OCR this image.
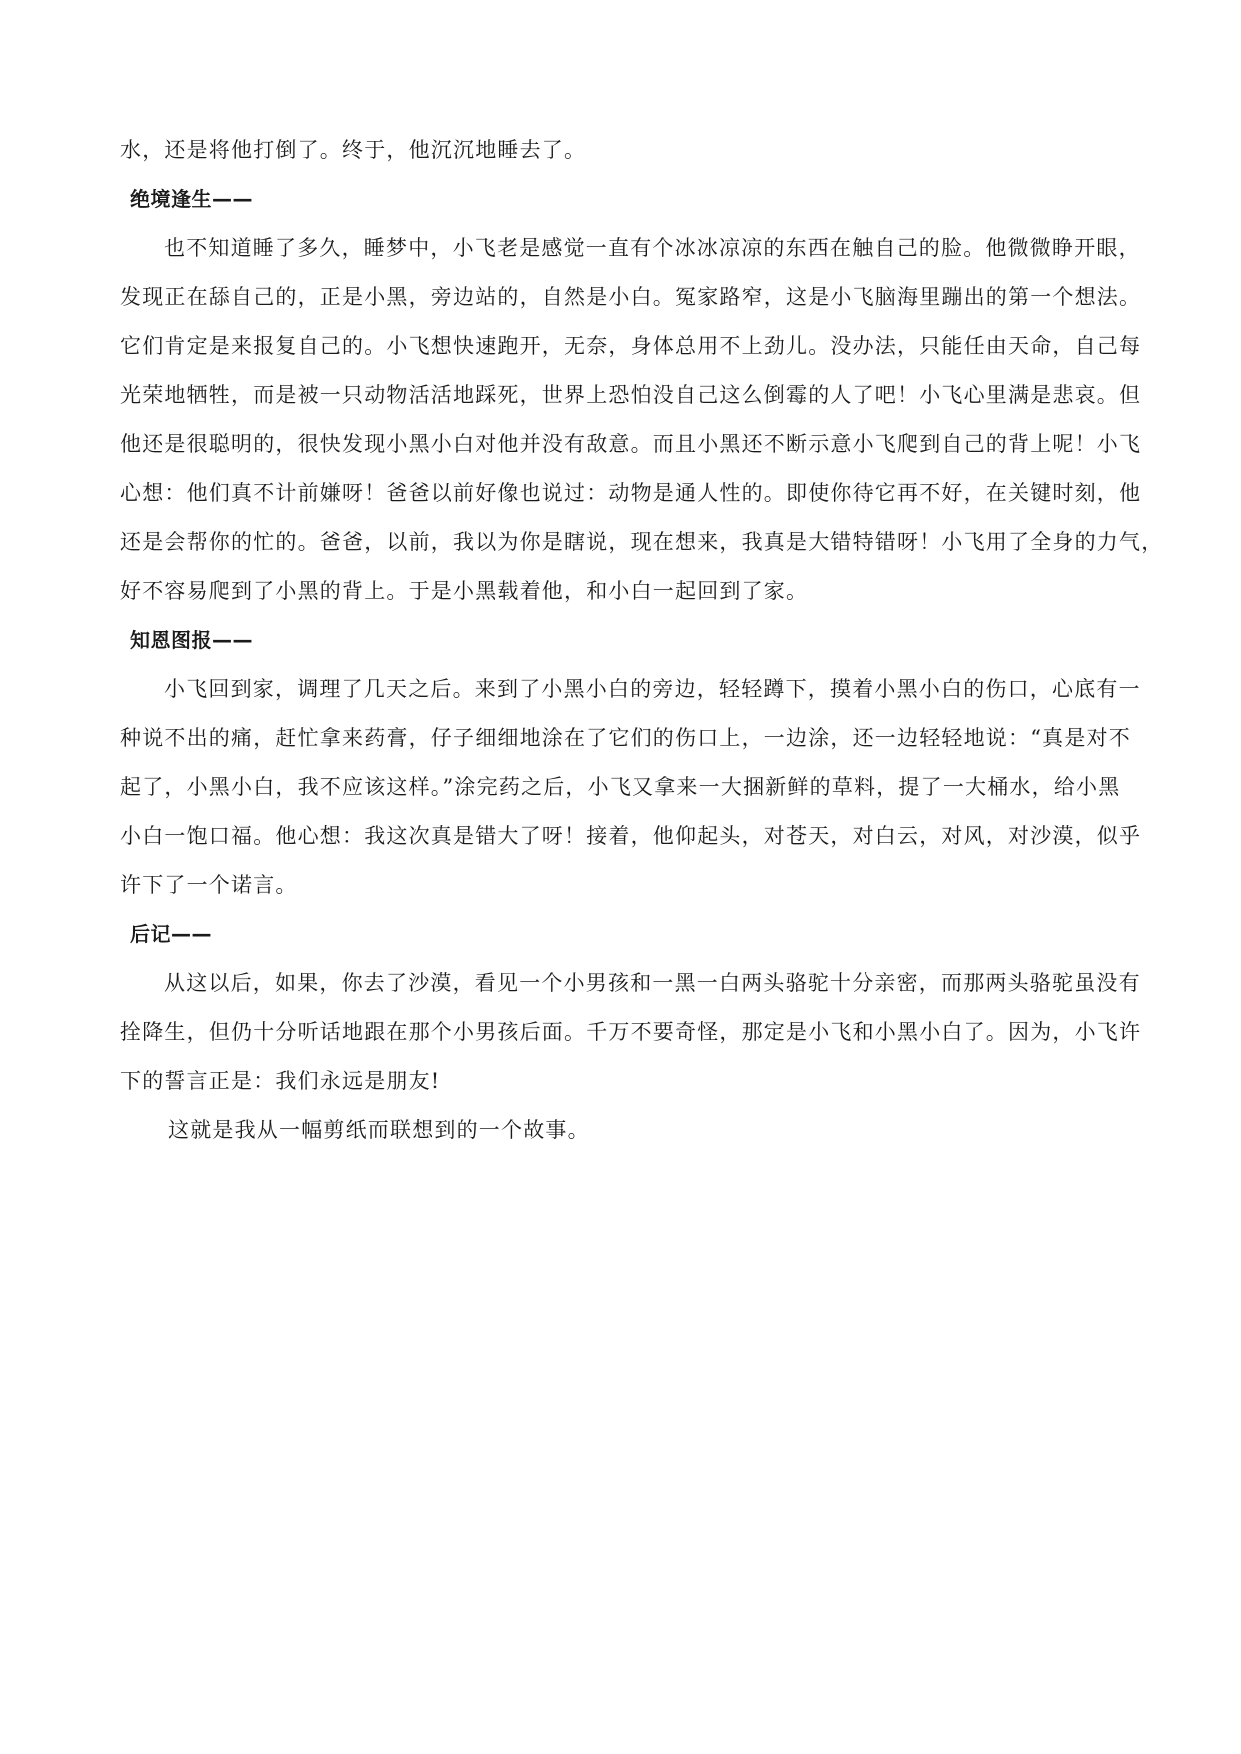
水，还是将他打倒了。终于，他沉沉地睡去了。
绝境逢生——
也不知道睡了多久，睡梦中，小飞老是感觉一直有个冰冰凉凉的东西在触自己的脸。他微微睁开眼，
发现正在舔自己的，正是小黑，旁边站的，自然是小白。冤家路窄，这是小飞脑海里蹦出的第一个想法。
它们肯定是来报复自己的。小飞想快速跑开，无奈，身体总用不上劲儿。没办法，只能任由天命，自己每
光荣地牺牲，而是被一只动物活活地踩死，世界上恐怕没自己这么倒霉的人了吧！小飞心里满是悲哀。但
他还是很聪明的，很快发现小黑小白对他并没有敌意。而且小黑还不断示意小飞爬到自己的背上呢！小飞
心想：他们真不计前嫌呀！爸爸以前好像也说过：动物是通人性的。即使你待它再不好，在关键时刻，他
还是会帮你的忙的。爸爸，以前，我以为你是瞎说，现在想来，我真是大错特错呀！小飞用了全身的力气，
好不容易爬到了小黑的背上。于是小黑载着他，和小白一起回到了家。
知恩图报——
小飞回到家，调理了几天之后。来到了小黑小白的旁边，轻轻蹲下，摸着小黑小白的伤口，心底有一
种说不出的痛，赶忙拿来药膏，仔子细细地涂在了它们的伤口上，一边涂，还一边轻轻地说：“真是对不
起了，小黑小白，我不应该这样。”涂完药之后，小飞又拿来一大捆新鲜的草料，提了一大桶水，给小黑
小白一饱口福。他心想：我这次真是错大了呀！接着，他仰起头，对苍天，对白云，对风，对沙漠，似乎
许下了一个诺言。
后记——
从这以后，如果，你去了沙漠，看见一个小男孩和一黑一白两头骆驼十分亲密，而那两头骆驼虽没有
拴降生，但仍十分听话地跟在那个小男孩后面。千万不要奇怪，那定是小飞和小黑小白了。因为，小飞许
下的誓言正是：我们永远是朋友!
这就是我从一幅剪纸而联想到的一个故事。
